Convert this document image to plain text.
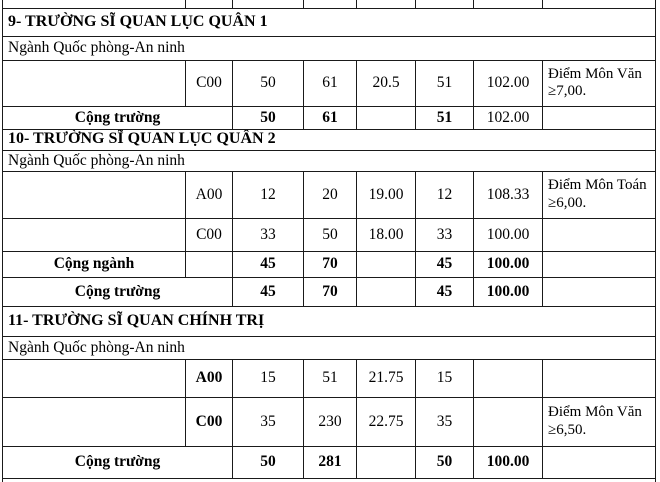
9- TRƯỜNG SĨ QUAN LỤC QUÂN 1							
Ngành Quốc phòng-An ninh							
	C00	50	61	20.5	51	102.00	Điểm Môn Văn ≥7,00.
Cộng trường		50	61		51	102.00	
10- TRƯỜNG SĨ QUAN LỤC QUÂN 2							
Ngành Quốc phòng-An ninh							
	A00	12	20	19.00	12	108.33	Điểm Môn Toán ≥6,00.
	C00	33	50	18.00	33	100.00	
Cộng ngành		45	70		45	100.00	
Cộng trường		45	70		45	100.00	
11- TRƯỜNG SĨ QUAN CHÍNH TRỊ							
Ngành Quốc phòng-An ninh							
	A00	15	51	21.75	15		
	C00	35	230	22.75	35		Điểm Môn Văn ≥6,50.
Cộng trường		50	281		50	100.00	
